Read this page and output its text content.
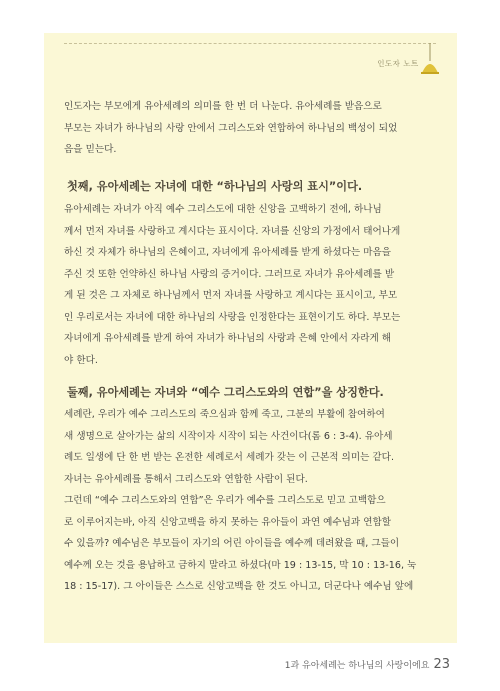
인도자 노트
인도자는 부모에게 유아세례의 의미를 한 번 더 나눈다. 유아세례를 받음으로
부모는 자녀가 하나님의 사랑 안에서 그리스도와 연합하여 하나님의 백성이 되었
음을 믿는다.
첫째, 유아세례는 자녀에 대한 “하나님의 사랑의 표시”이다.
유아세례는 자녀가 아직 예수 그리스도에 대한 신앙을 고백하기 전에, 하나님
께서 먼저 자녀를 사랑하고 계시다는 표시이다. 자녀를 신앙의 가정에서 태어나게
하신 것 자체가 하나님의 은혜이고, 자녀에게 유아세례를 받게 하셨다는 마음을
주신 것 또한 언약하신 하나님 사랑의 증거이다. 그러므로 자녀가 유아세례를 받
게 된 것은 그 자체로 하나님께서 먼저 자녀를 사랑하고 계시다는 표시이고, 부모
인 우리로서는 자녀에 대한 하나님의 사랑을 인정한다는 표현이기도 하다. 부모는
자녀에게 유아세례를 받게 하여 자녀가 하나님의 사랑과 은혜 안에서 자라게 해
야 한다.
둘째, 유아세례는 자녀와 “예수 그리스도와의 연합”을 상징한다.
세례란, 우리가 예수 그리스도의 죽으심과 함께 죽고, 그분의 부활에 참여하여
새 생명으로 살아가는 삶의 시작이자 시작이 되는 사건이다(롬 6 : 3-4). 유아세
례도 일생에 단 한 번 받는 온전한 세례로서 세례가 갖는 이 근본적 의미는 같다.
자녀는 유아세례를 통해서 그리스도와 연합한 사람이 된다.
그런데 “예수 그리스도와의 연합”은 우리가 예수를 그리스도로 믿고 고백함으
로 이루어지는바, 아직 신앙고백을 하지 못하는 유아들이 과연 예수님과 연합할
수 있을까? 예수님은 부모들이 자기의 어린 아이들을 예수께 데려왔을 때, 그들이
예수께 오는 것을 용납하고 금하지 말라고 하셨다(마 19 : 13-15, 막 10 : 13-16, 눅
18 : 15-17). 그 아이들은 스스로 신앙고백을 한 것도 아니고, 더군다나 예수님 앞에
1과 유아세례는 하나님의 사랑이에요 23
